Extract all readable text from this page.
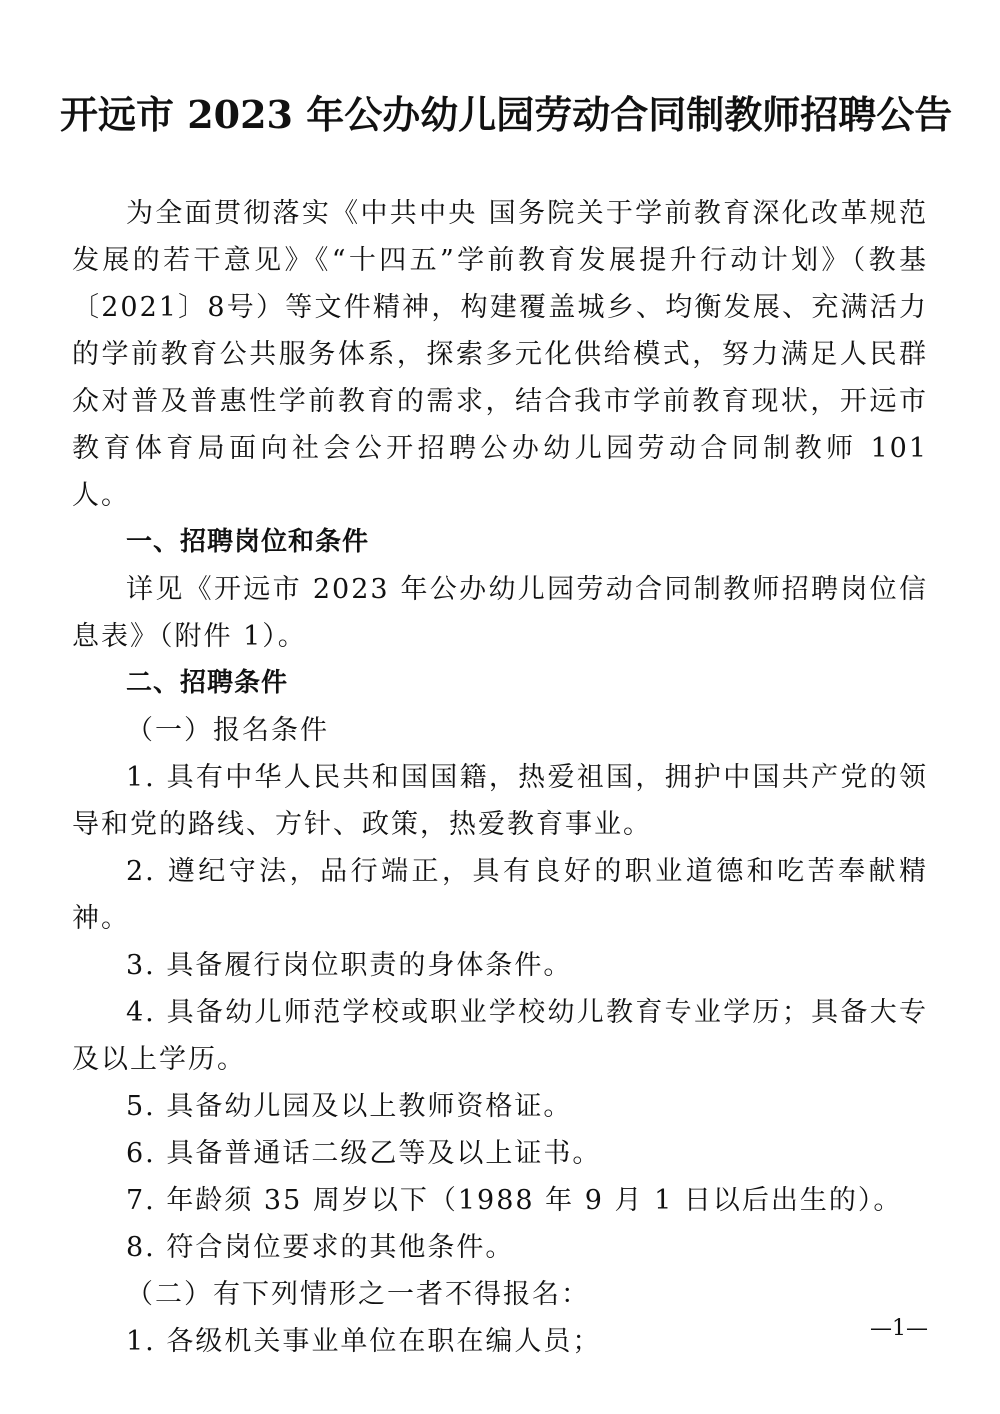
开远市 2023 年公办幼儿园劳动合同制教师招聘公告

为全面贯彻落实《中共中央 国务院关于学前教育深化改革规范发展的若干意见》《“十四五”学前教育发展提升行动计划》（教基〔2021〕8号）等文件精神，构建覆盖城乡、均衡发展、充满活力的学前教育公共服务体系，探索多元化供给模式，努力满足人民群众对普及普惠性学前教育的需求，结合我市学前教育现状，开远市教育体育局面向社会公开招聘公办幼儿园劳动合同制教师 101 人。

一、招聘岗位和条件

详见《开远市 2023 年公办幼儿园劳动合同制教师招聘岗位信息表》（附件 1）。

二、招聘条件

（一）报名条件

1. 具有中华人民共和国国籍，热爱祖国，拥护中国共产党的领导和党的路线、方针、政策，热爱教育事业。

2. 遵纪守法，品行端正，具有良好的职业道德和吃苦奉献精神。

3. 具备履行岗位职责的身体条件。

4. 具备幼儿师范学校或职业学校幼儿教育专业学历；具备大专及以上学历。

5. 具备幼儿园及以上教师资格证。

6. 具备普通话二级乙等及以上证书。

7. 年龄须 35 周岁以下（1988 年 9 月 1 日以后出生的）。

8. 符合岗位要求的其他条件。

（二）有下列情形之一者不得报名：

1. 各级机关事业单位在职在编人员；	—1—
